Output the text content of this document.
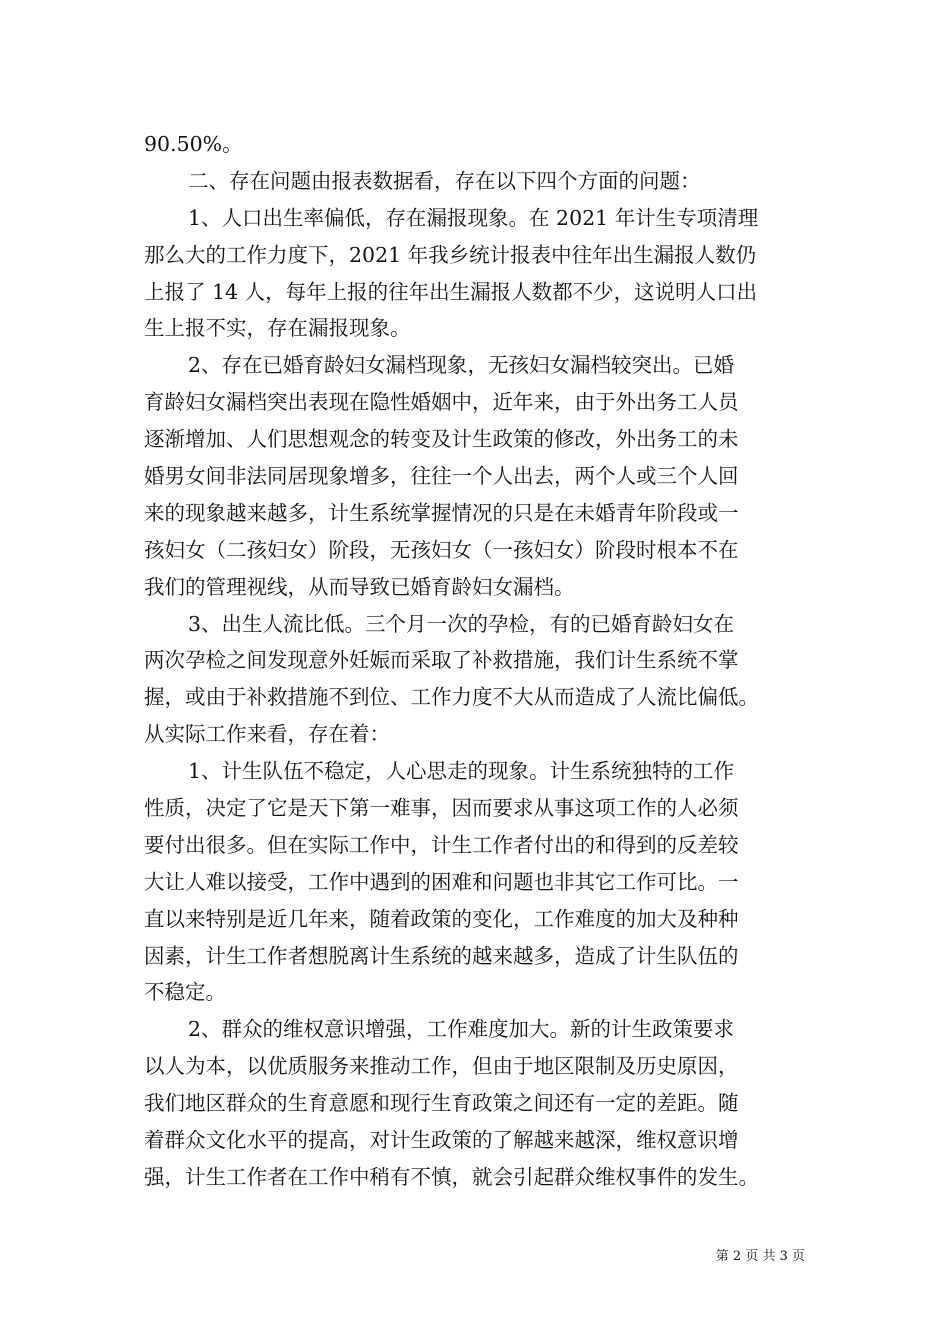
90.50%。
二、存在问题由报表数据看，存在以下四个方面的问题：
1、人口出生率偏低，存在漏报现象。在 2021 年计生专项清理
那么大的工作力度下，2021 年我乡统计报表中往年出生漏报人数仍
上报了 14 人，每年上报的往年出生漏报人数都不少，这说明人口出
生上报不实，存在漏报现象。
2、存在已婚育龄妇女漏档现象，无孩妇女漏档较突出。已婚
育龄妇女漏档突出表现在隐性婚姻中，近年来，由于外出务工人员
逐渐增加、人们思想观念的转变及计生政策的修改，外出务工的未
婚男女间非法同居现象增多，往往一个人出去，两个人或三个人回
来的现象越来越多，计生系统掌握情况的只是在未婚青年阶段或一
孩妇女（二孩妇女）阶段，无孩妇女（一孩妇女）阶段时根本不在
我们的管理视线，从而导致已婚育龄妇女漏档。
3、出生人流比低。三个月一次的孕检，有的已婚育龄妇女在
两次孕检之间发现意外妊娠而采取了补救措施，我们计生系统不掌
握，或由于补救措施不到位、工作力度不大从而造成了人流比偏低。
从实际工作来看，存在着：
1、计生队伍不稳定，人心思走的现象。计生系统独特的工作
性质，决定了它是天下第一难事，因而要求从事这项工作的人必须
要付出很多。但在实际工作中，计生工作者付出的和得到的反差较
大让人难以接受，工作中遇到的困难和问题也非其它工作可比。一
直以来特别是近几年来，随着政策的变化，工作难度的加大及种种
因素，计生工作者想脱离计生系统的越来越多，造成了计生队伍的
不稳定。
2、群众的维权意识增强，工作难度加大。新的计生政策要求
以人为本，以优质服务来推动工作，但由于地区限制及历史原因，
我们地区群众的生育意愿和现行生育政策之间还有一定的差距。随
着群众文化水平的提高，对计生政策的了解越来越深，维权意识增
强，计生工作者在工作中稍有不慎，就会引起群众维权事件的发生。
第 2 页 共 3 页
